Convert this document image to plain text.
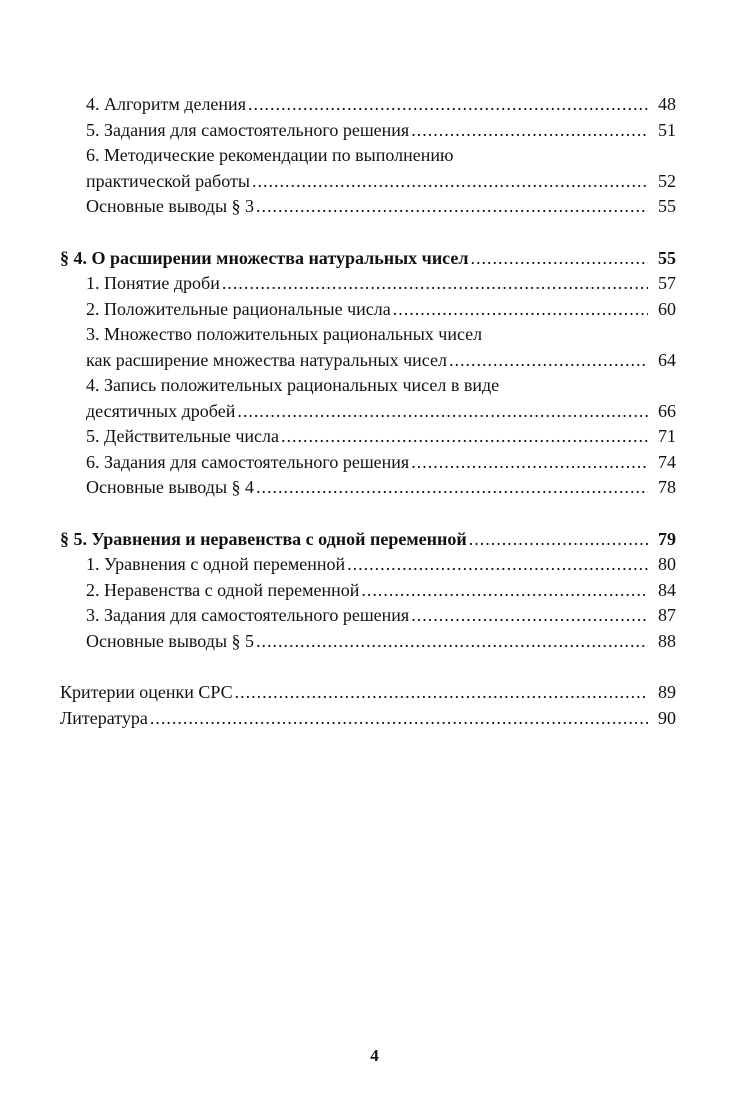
4. Алгоритм деления .....	48
5. Задания для самостоятельного решения .....	51
6. Методические рекомендации по выполнению
практической работы .....	52
Основные выводы § 3 .....	55
§ 4. О расширении множества натуральных чисел .....	55
1. Понятие дроби .....	57
2. Положительные рациональные числа .....	60
3. Множество положительных рациональных чисел
как расширение множества натуральных чисел .....	64
4. Запись положительных рациональных чисел в виде
десятичных дробей .....	66
5. Действительные числа .....	71
6. Задания для самостоятельного решения .....	74
Основные выводы § 4 .....	78
§ 5. Уравнения и неравенства с одной переменной .....	79
1. Уравнения с одной переменной .....	80
2. Неравенства с одной переменной .....	84
3. Задания для самостоятельного решения .....	87
Основные выводы § 5 .....	88
Критерии оценки СРС .....	89
Литература .....	90
4
